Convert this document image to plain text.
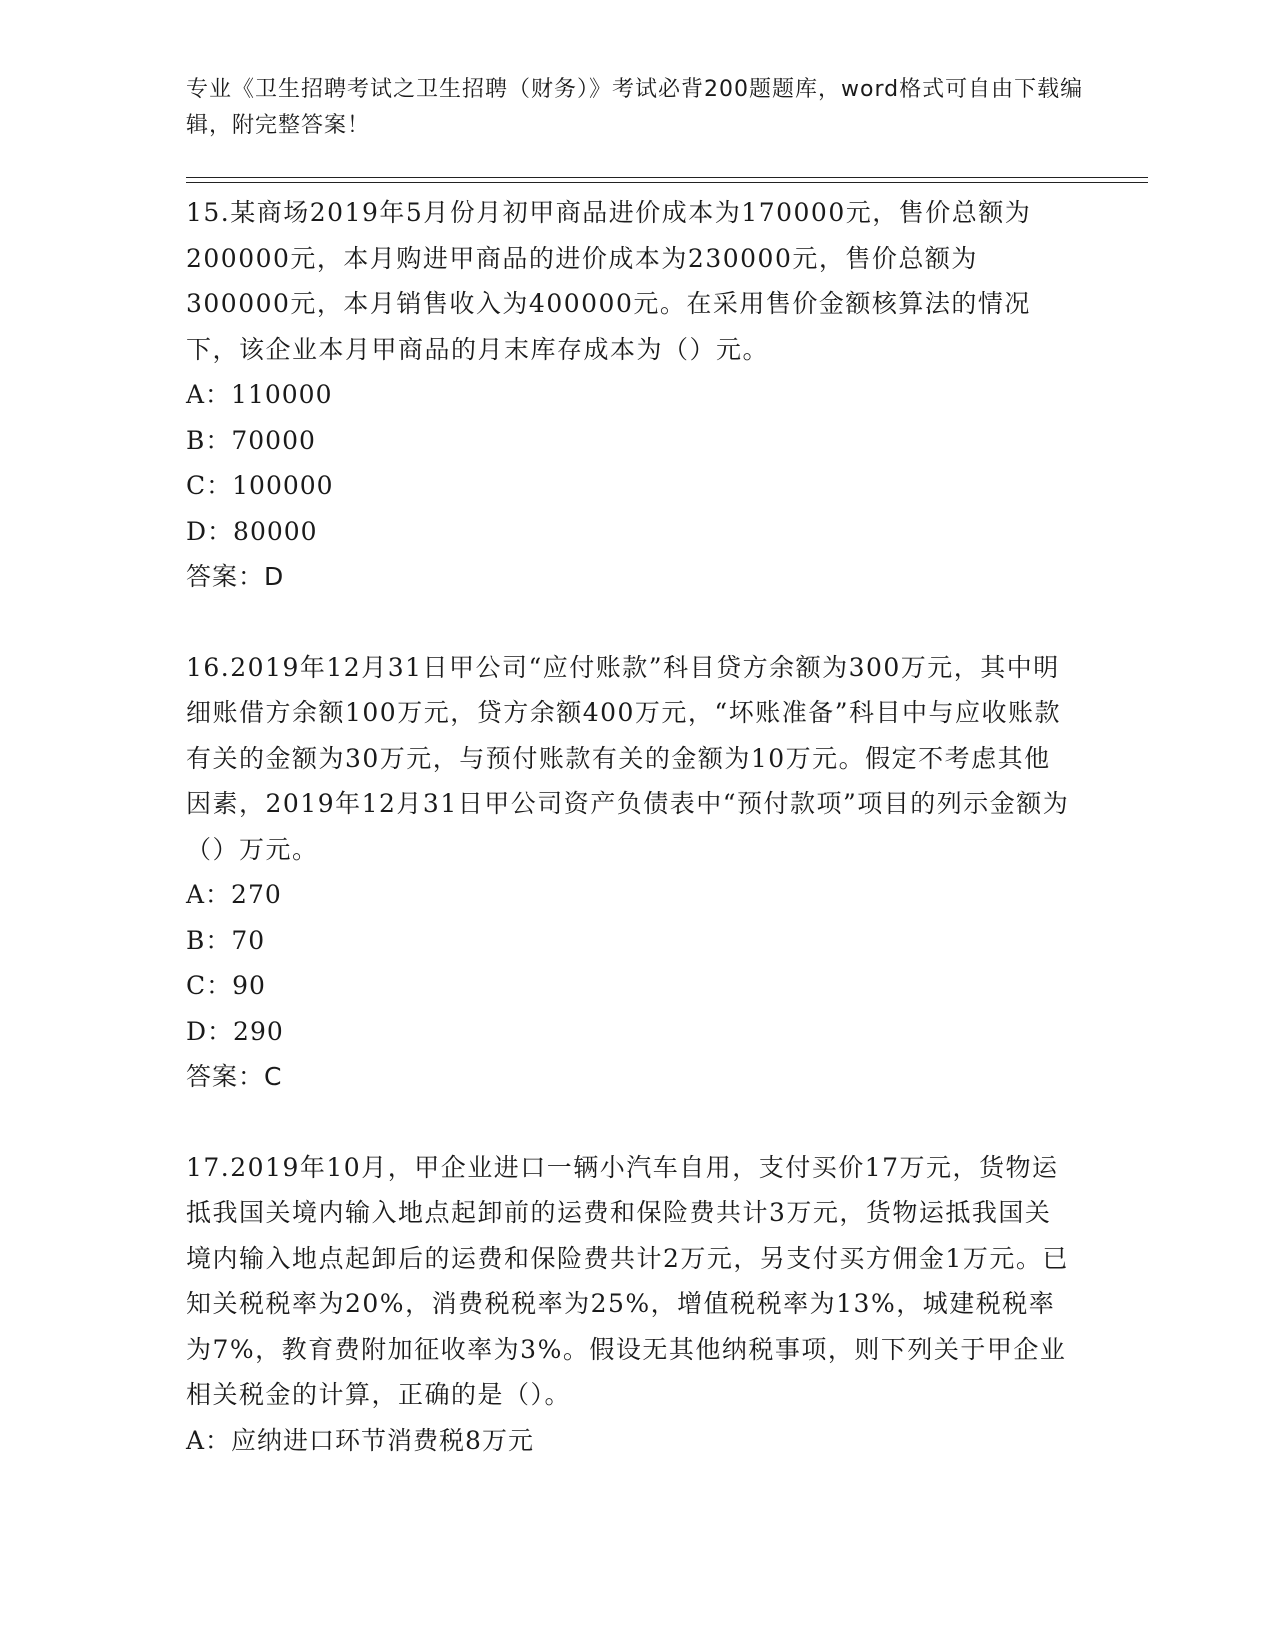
专业《卫生招聘考试之卫生招聘（财务）》考试必背200题题库，word格式可自由下载编辑，附完整答案！

15.某商场2019年5月份月初甲商品进价成本为170000元，售价总额为200000元，本月购进甲商品的进价成本为230000元，售价总额为300000元，本月销售收入为400000元。在采用售价金额核算法的情况下，该企业本月甲商品的月末库存成本为（）元。

A：110000

B：70000

C：100000

D：80000

答案：D

16.2019年12月31日甲公司“应付账款”科目贷方余额为300万元，其中明细账借方余额100万元，贷方余额400万元，“坏账准备”科目中与应收账款有关的金额为30万元，与预付账款有关的金额为10万元。假定不考虑其他因素，2019年12月31日甲公司资产负债表中“预付款项”项目的列示金额为（）万元。

A：270

B：70

C：90

D：290

答案：C

17.2019年10月，甲企业进口一辆小汽车自用，支付买价17万元，货物运抵我国关境内输入地点起卸前的运费和保险费共计3万元，货物运抵我国关境内输入地点起卸后的运费和保险费共计2万元，另支付买方佣金1万元。已知关税税率为20%，消费税税率为25%，增值税税率为13%，城建税税率为7%，教育费附加征收率为3%。假设无其他纳税事项，则下列关于甲企业相关税金的计算，正确的是（）。

A：应纳进口环节消费税8万元
